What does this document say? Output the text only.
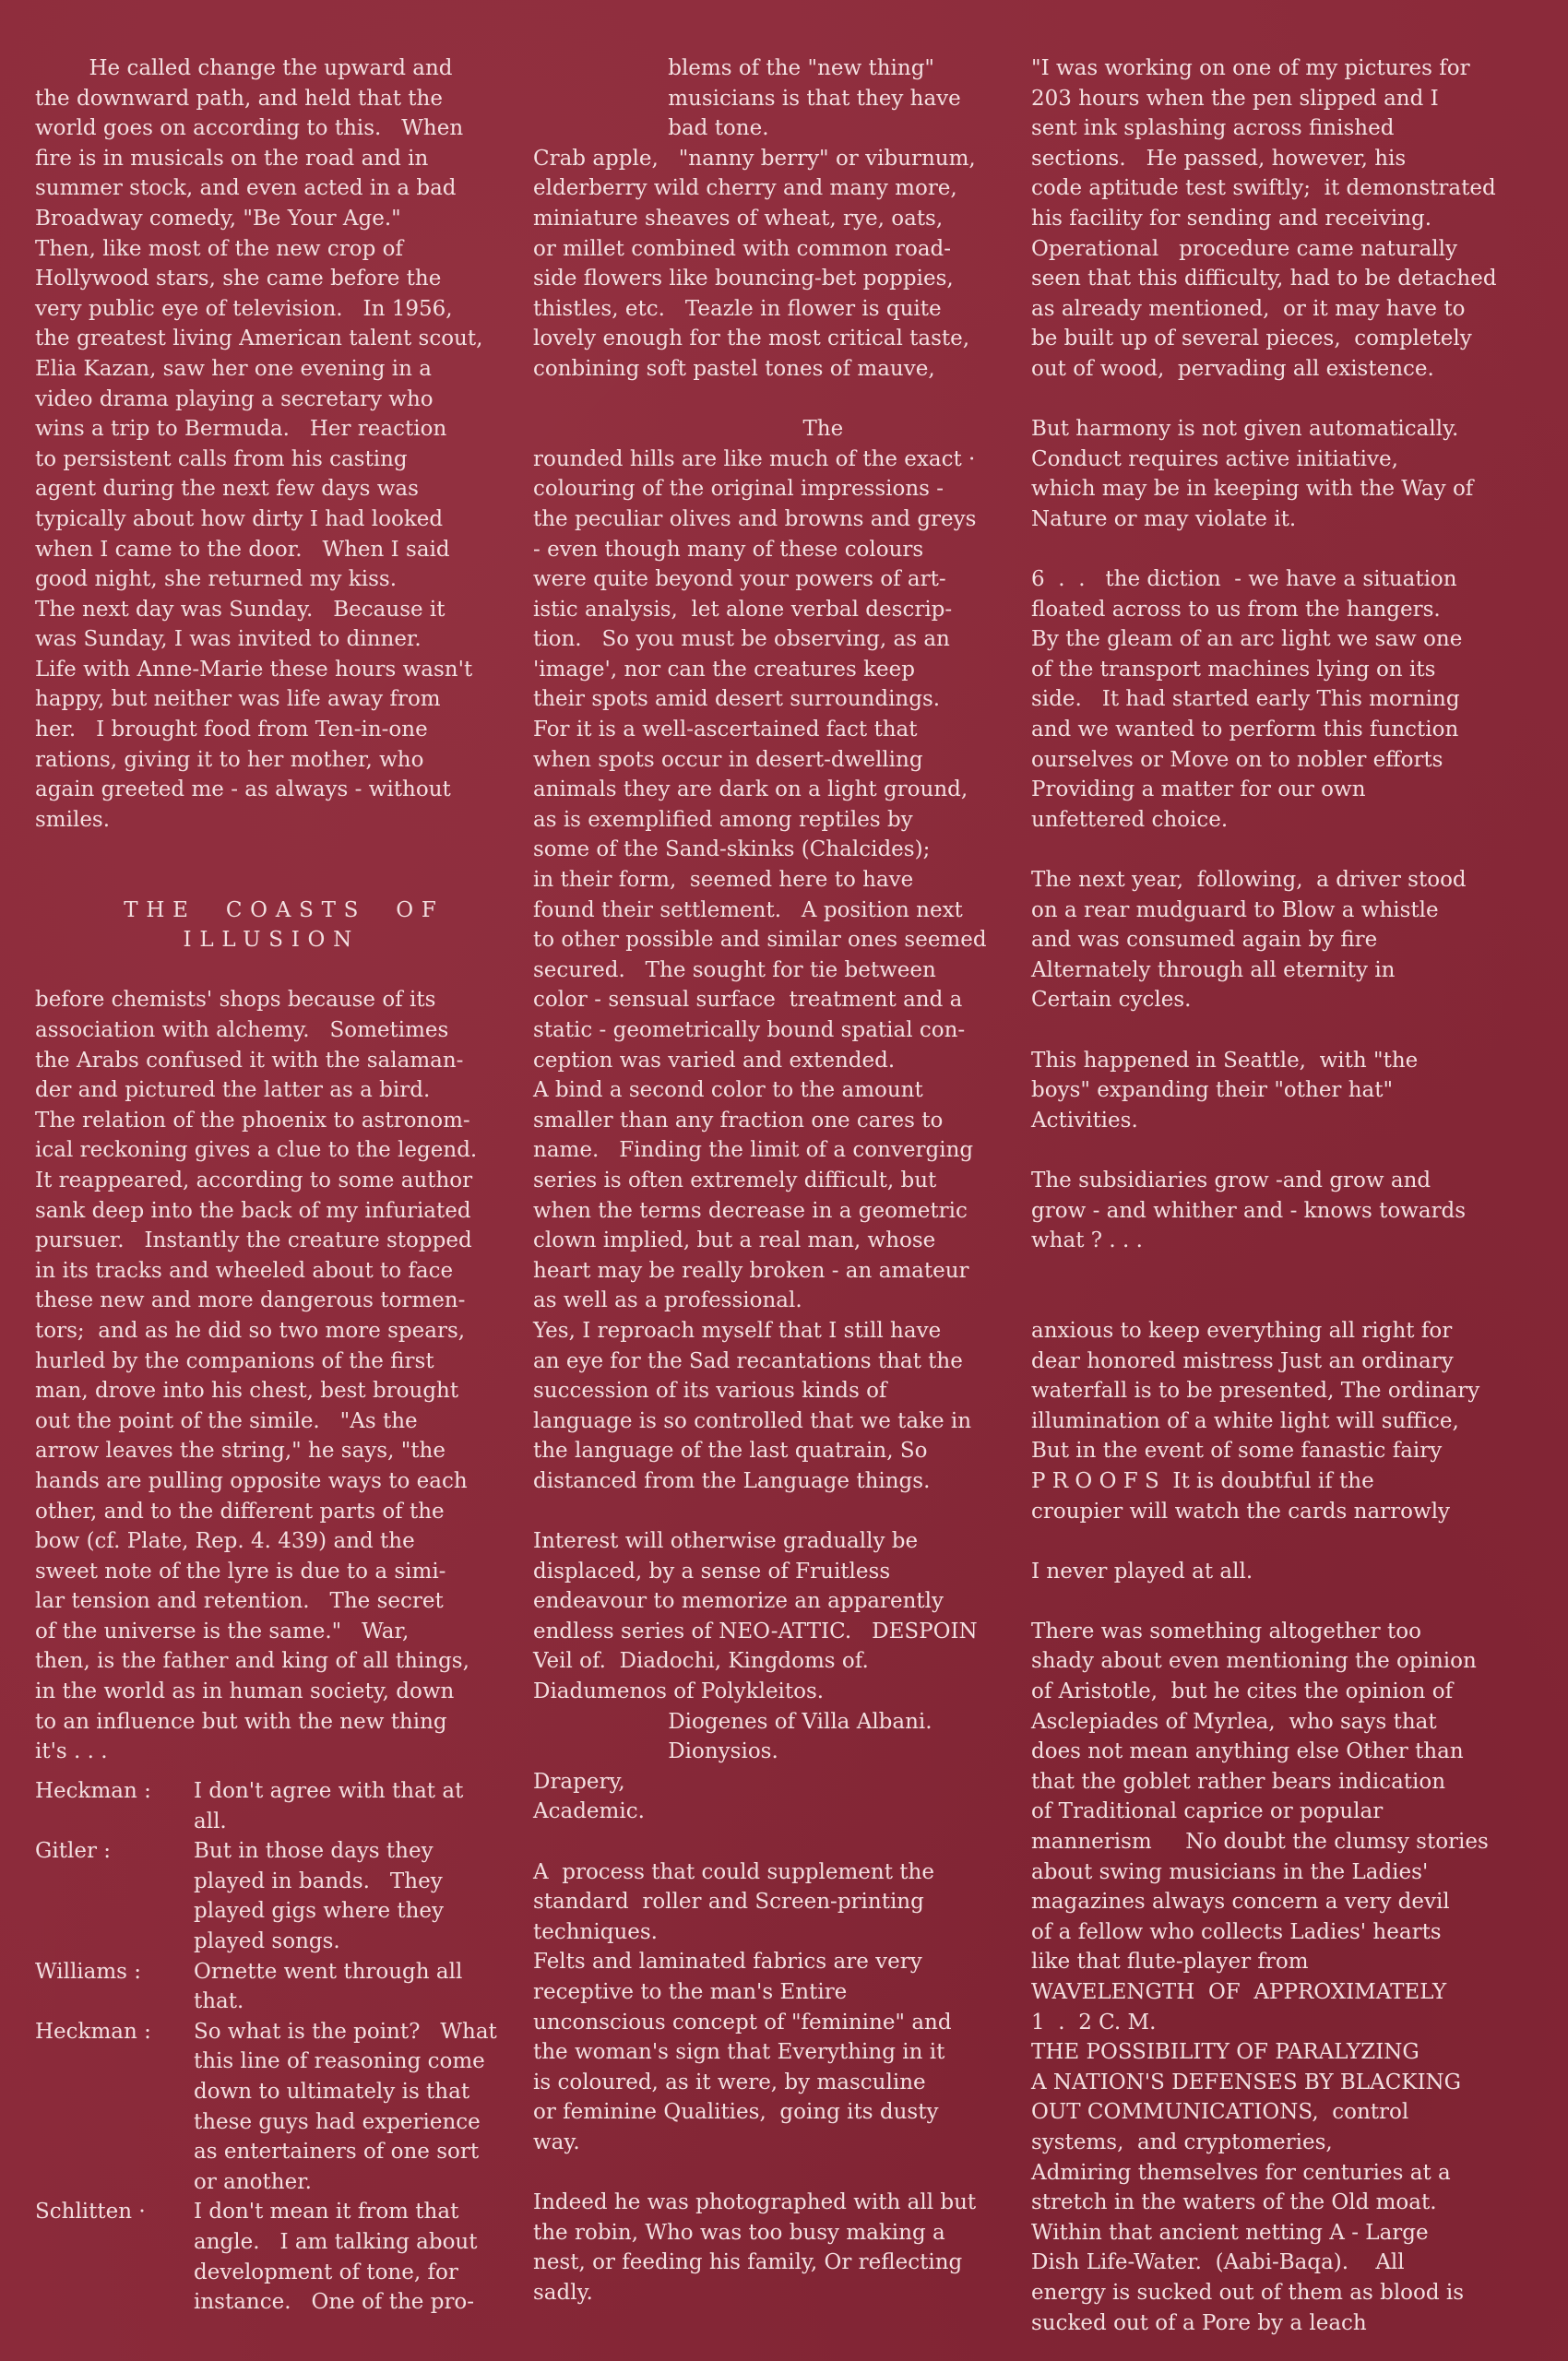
He called change the upward and
the downward path, and held that the
world goes on according to this.   When
fire is in musicals on the road and in
summer stock, and even acted in a bad
Broadway comedy, "Be Your Age."
Then, like most of the new crop of
Hollywood stars, she came before the
very public eye of television.   In 1956,
the greatest living American talent scout,
Elia Kazan, saw her one evening in a
video drama playing a secretary who
wins a trip to Bermuda.   Her reaction
to persistent calls from his casting
agent during the next few days was
typically about how dirty I had looked
when I came to the door.   When I said
good night, she returned my kiss.
The next day was Sunday.   Because it
was Sunday, I was invited to dinner.
Life with Anne-Marie these hours wasn't
happy, but neither was life away from
her.   I brought food from Ten-in-one
rations, giving it to her mother, who
again greeted me - as always - without
smiles.
THE  COASTS  OF
ILLUSION
before chemists' shops because of its
association with alchemy.   Sometimes
the Arabs confused it with the salaman-
der and pictured the latter as a bird.
The relation of the phoenix to astronom-
ical reckoning gives a clue to the legend.
It reappeared, according to some author
sank deep into the back of my infuriated
pursuer.   Instantly the creature stopped
in its tracks and wheeled about to face
these new and more dangerous tormen-
tors;  and as he did so two more spears,
hurled by the companions of the first
man, drove into his chest, best brought
out the point of the simile.   "As the
arrow leaves the string," he says, "the
hands are pulling opposite ways to each
other, and to the different parts of the
bow (cf. Plate, Rep. 4. 439) and the
sweet note of the lyre is due to a simi-
lar tension and retention.   The secret
of the universe is the same."   War,
then, is the father and king of all things,
in the world as in human society, down
to an influence but with the new thing
it's . . .
blems of the "new thing"
musicians is that they have
bad tone.
Crab apple,   "nanny berry" or viburnum,
elderberry wild cherry and many more,
miniature sheaves of wheat, rye, oats,
or millet combined with common road-
side flowers like bouncing-bet poppies,
thistles, etc.   Teazle in flower is quite
lovely enough for the most critical taste,
conbining soft pastel tones of mauve,
The
rounded hills are like much of the exact ·
colouring of the original impressions -
the peculiar olives and browns and greys
- even though many of these colours
were quite beyond your powers of art-
istic analysis,  let alone verbal descrip-
tion.   So you must be observing, as an
'image', nor can the creatures keep
their spots amid desert surroundings.
For it is a well-ascertained fact that
when spots occur in desert-dwelling
animals they are dark on a light ground,
as is exemplified among reptiles by
some of the Sand-skinks (Chalcides);
in their form,  seemed here to have
found their settlement.   A position next
to other possible and similar ones seemed
secured.   The sought for tie between
color - sensual surface  treatment and a
static - geometrically bound spatial con-
ception was varied and extended.
A bind a second color to the amount
smaller than any fraction one cares to
name.   Finding the limit of a converging
series is often extremely difficult, but
when the terms decrease in a geometric
clown implied, but a real man, whose
heart may be really broken - an amateur
as well as a professional.
Yes, I reproach myself that I still have
an eye for the Sad recantations that the
succession of its various kinds of
language is so controlled that we take in
the language of the last quatrain, So
distanced from the Language things.
Interest will otherwise gradually be
displaced, by a sense of Fruitless
endeavour to memorize an apparently
endless series of NEO-ATTIC.   DESPOIN
Veil of.  Diadochi, Kingdoms of.
Diadumenos of Polykleitos.
Diogenes of Villa Albani.
Dionysios.
Drapery,
Academic.
A  process that could supplement the
standard  roller and Screen-printing
techniques.
Felts and laminated fabrics are very
receptive to the man's Entire
unconscious concept of "feminine" and
the woman's sign that Everything in it
is coloured, as it were, by masculine
or feminine Qualities,  going its dusty
way.
Indeed he was photographed with all but
the robin, Who was too busy making a
nest, or feeding his family, Or reflecting
sadly.
"I was working on one of my pictures for
203 hours when the pen slipped and I
sent ink splashing across finished
sections.   He passed, however, his
code aptitude test swiftly;  it demonstrated
his facility for sending and receiving.
Operational   procedure came naturally
seen that this difficulty, had to be detached
as already mentioned,  or it may have to
be built up of several pieces,  completely
out of wood,  pervading all existence.
But harmony is not given automatically.
Conduct requires active initiative,
which may be in keeping with the Way of
Nature or may violate it.
6  .  .   the diction  - we have a situation
floated across to us from the hangers.
By the gleam of an arc light we saw one
of the transport machines lying on its
side.   It had started early This morning
and we wanted to perform this function
ourselves or Move on to nobler efforts
Providing a matter for our own
unfettered choice.
The next year,  following,  a driver stood
on a rear mudguard to Blow a whistle
and was consumed again by fire
Alternately through all eternity in
Certain cycles.
This happened in Seattle,  with "the
boys" expanding their "other hat"
Activities.
The subsidiaries grow -and grow and
grow - and whither and - knows towards
what ? . . .
anxious to keep everything all right for
dear honored mistress Just an ordinary
waterfall is to be presented, The ordinary
illumination of a white light will suffice,
But in the event of some fanastic fairy
P R O O F S  It is doubtful if the
croupier will watch the cards narrowly
I never played at all.
There was something altogether too
shady about even mentioning the opinion
of Aristotle,  but he cites the opinion of
Asclepiades of Myrlea,  who says that
does not mean anything else Other than
that the goblet rather bears indication
of Traditional caprice or popular
mannerism     No doubt the clumsy stories
about swing musicians in the Ladies'
magazines always concern a very devil
of a fellow who collects Ladies' hearts
like that flute-player from
WAVELENGTH  OF  APPROXIMATELY
1  .  2 C. M.
THE POSSIBILITY OF PARALYZING
A NATION'S DEFENSES BY BLACKING
OUT COMMUNICATIONS,  control
systems,  and cryptomeries,
Admiring themselves for centuries at a
stretch in the waters of the Old moat.
Within that ancient netting A - Large
Dish Life-Water.  (Aabi-Baqa).    All
energy is sucked out of them as blood is
sucked out of a Pore by a leach
Heckman :	I don't agree with that at
all.
Gitler :	But in those days they
played in bands.   They
played gigs where they
played songs.
Williams :	Ornette went through all
that.
Heckman :	So what is the point?   What
this line of reasoning come
down to ultimately is that
these guys had experience
as entertainers of one sort
or another.
Schlitten ·	I don't mean it from that
angle.   I am talking about
development of tone, for
instance.   One of the pro-
